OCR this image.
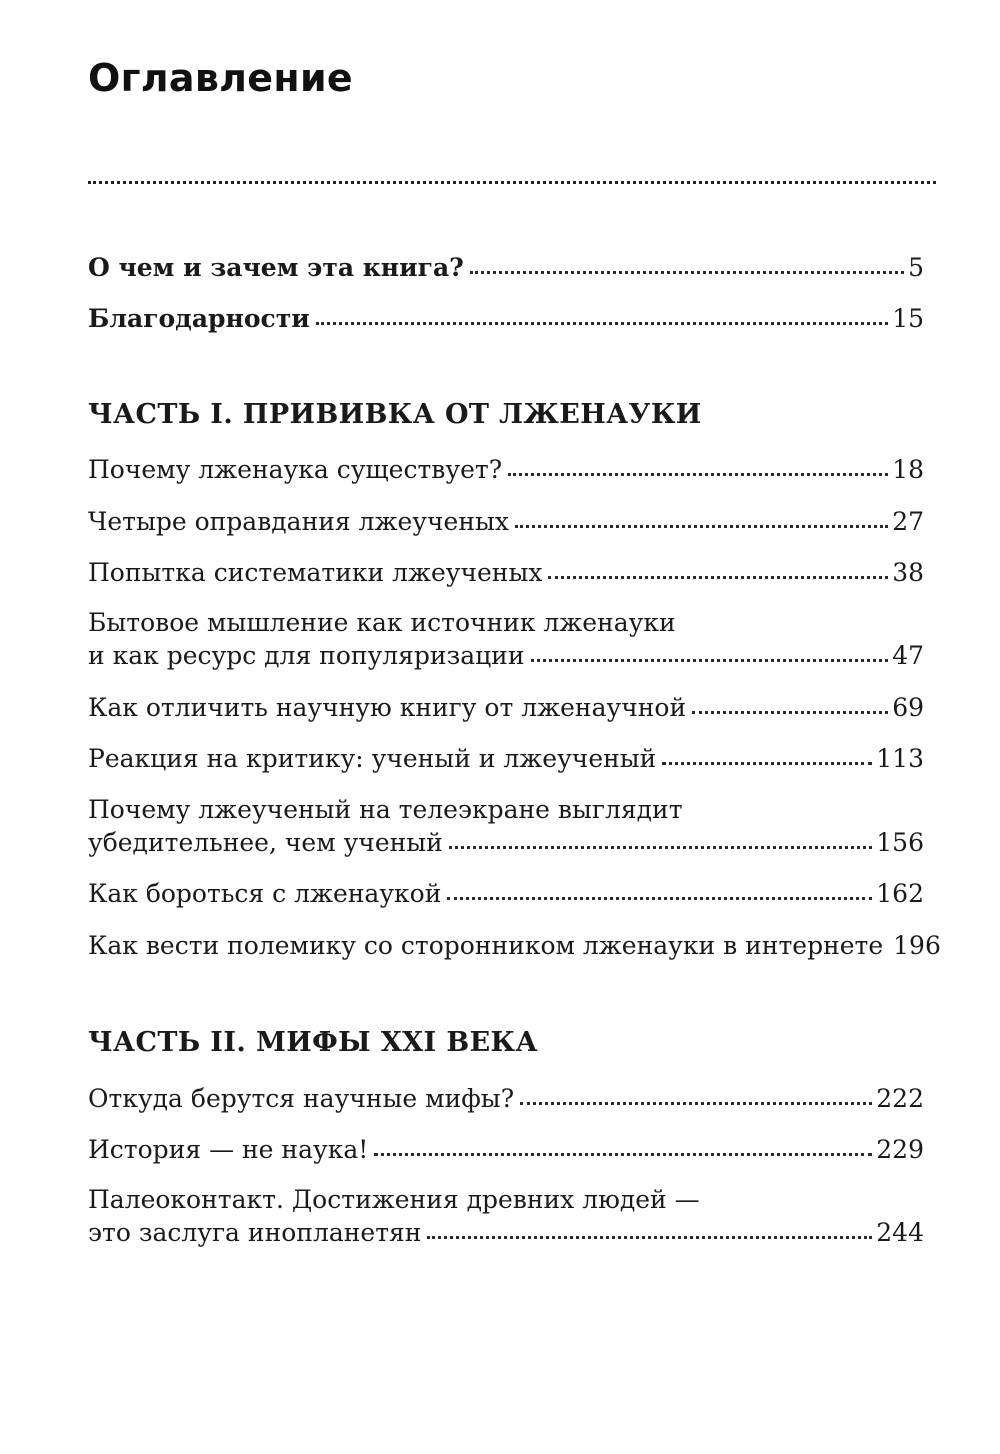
Оглавление
О чем и зачем эта книга?	5
Благодарности	15
ЧАСТЬ I. ПРИВИВКА ОТ ЛЖЕНАУКИ
Почему лженаука существует?	18
Четыре оправдания лжеученых	27
Попытка систематики лжеученых	38
Бытовое мышление как источник лженауки
и как ресурс для популяризации	47
Как отличить научную книгу от лженаучной	69
Реакция на критику: ученый и лжеученый	113
Почему лжеученый на телеэкране выглядит
убедительнее, чем ученый	156
Как бороться с лженаукой	162
Как вести полемику со сторонником лженауки в интернете 196
ЧАСТЬ II. МИФЫ XXI ВЕКА
Откуда берутся научные мифы?	222
История — не наука!	229
Палеоконтакт. Достижения древних людей —
это заслуга инопланетян	244
